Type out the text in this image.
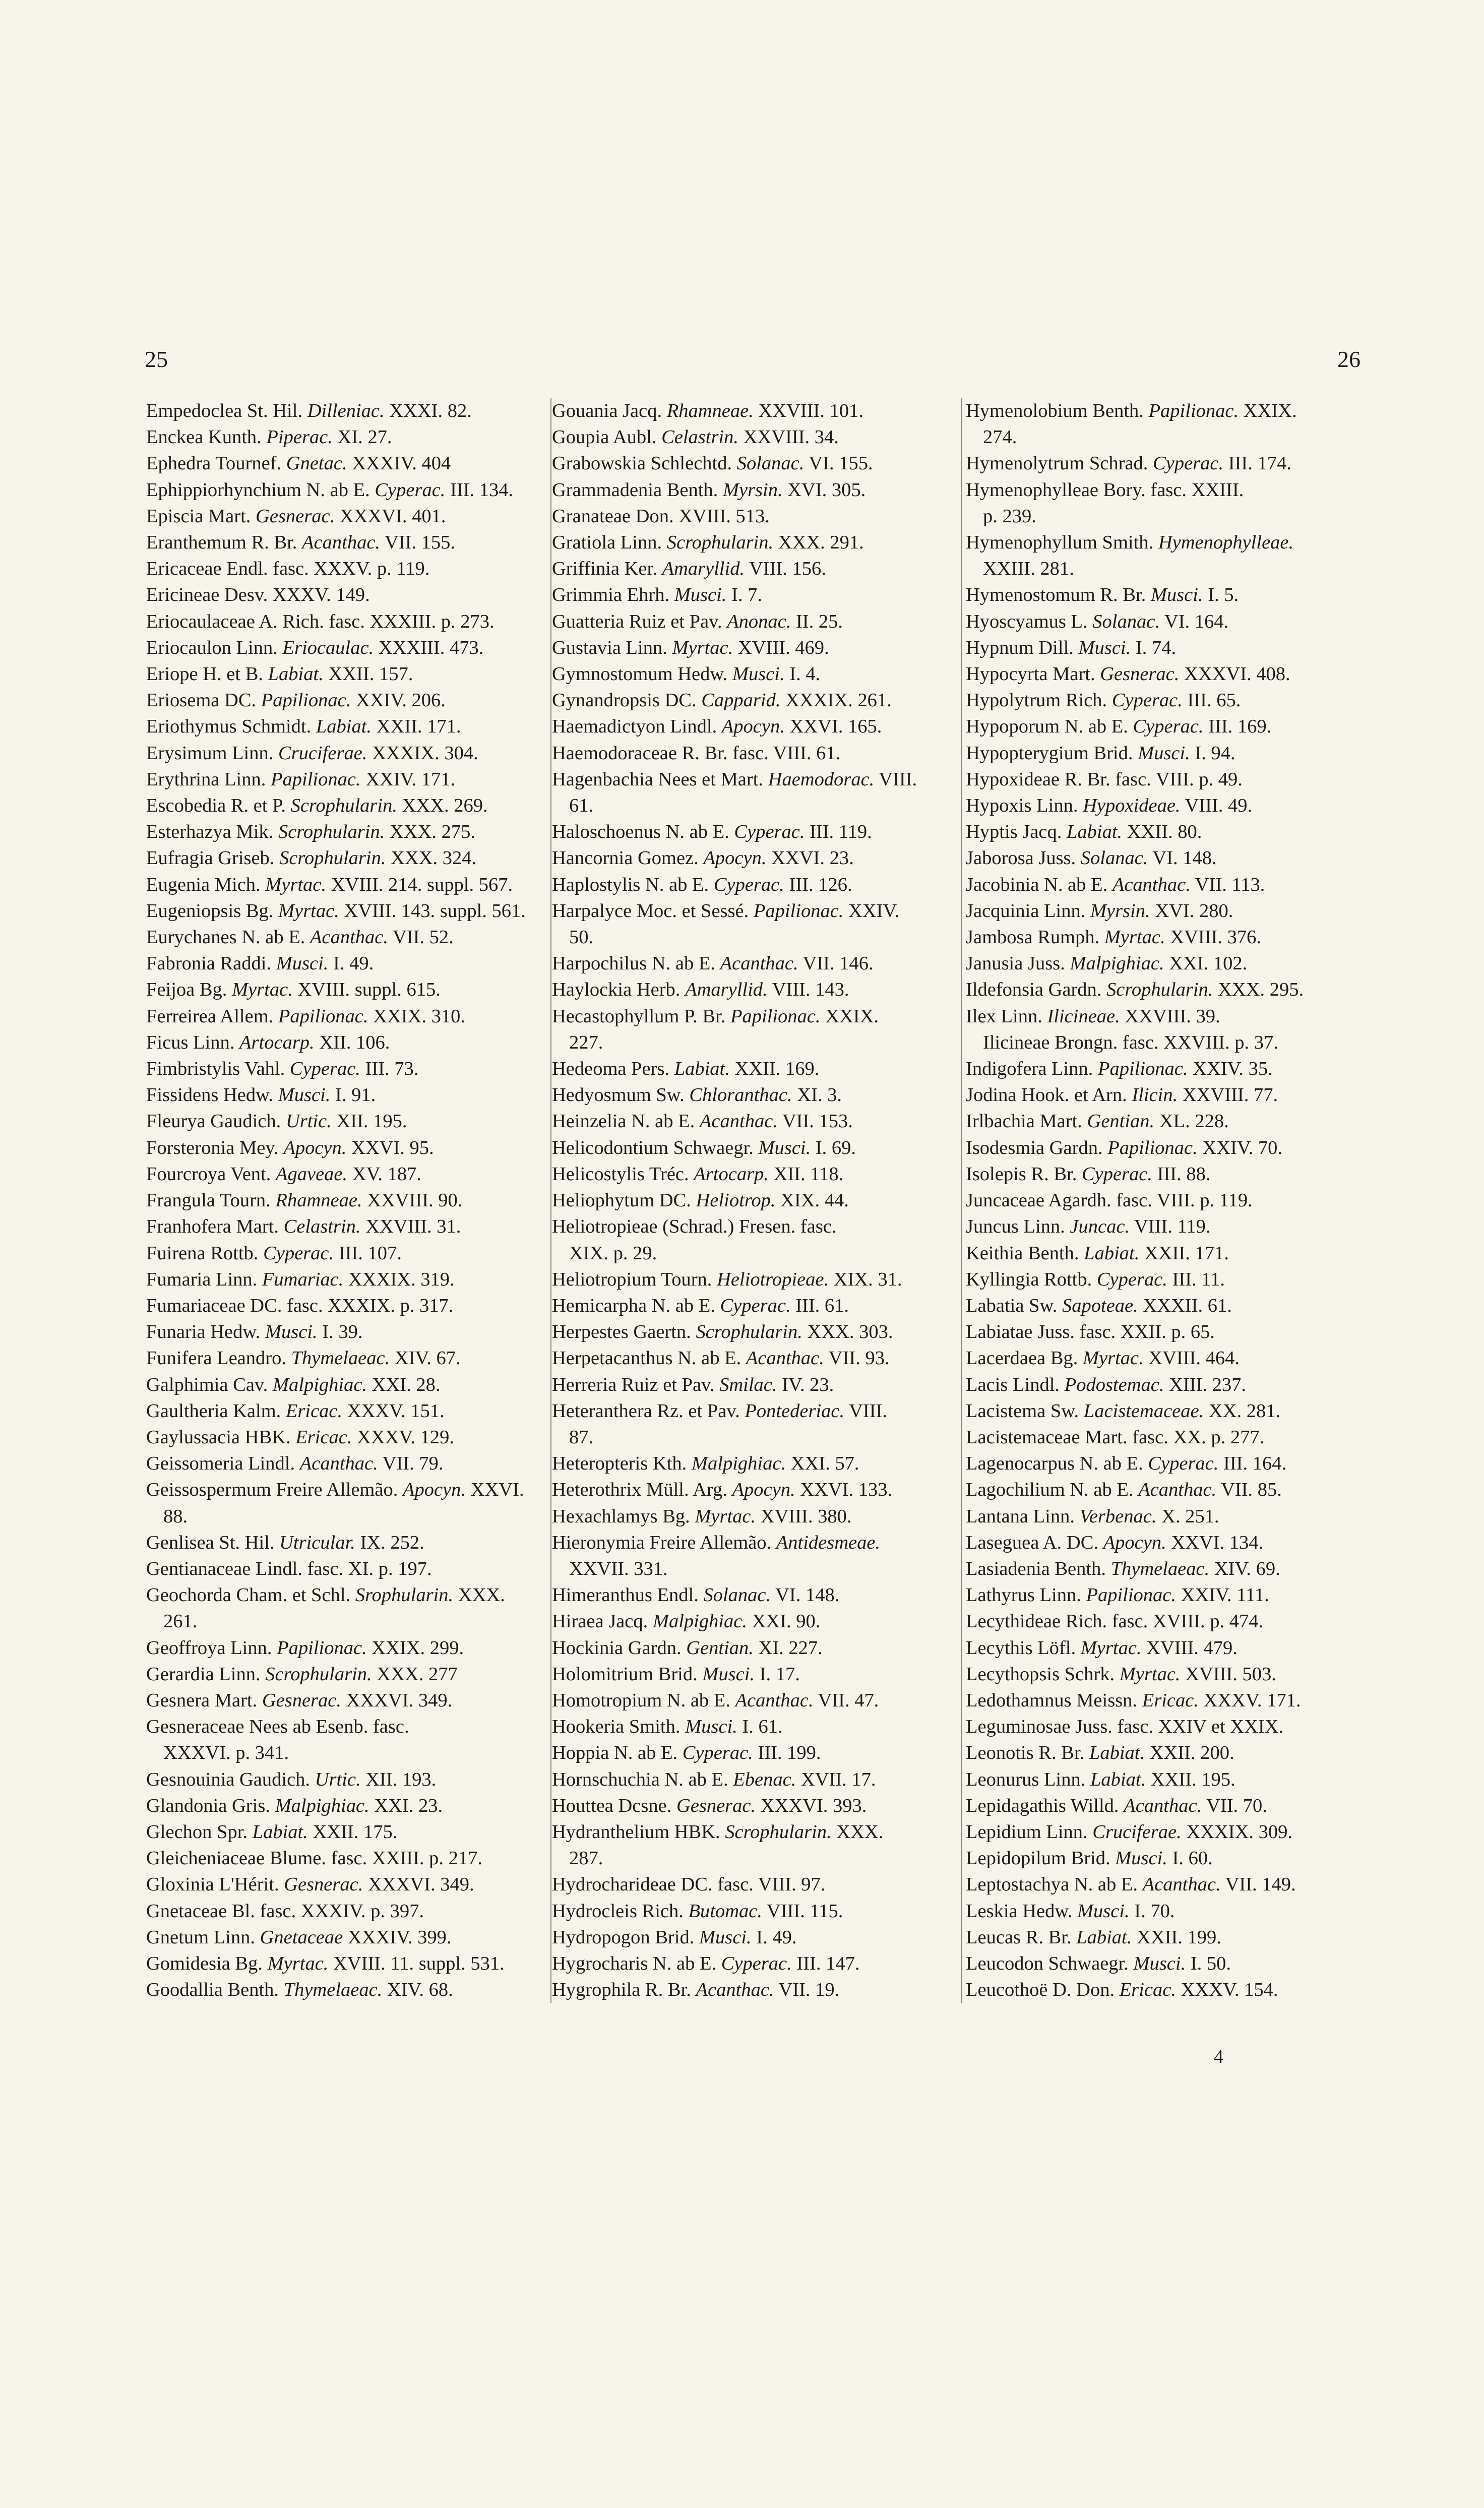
25	26

Empedoclea St. Hil. Dilleniac. XXXI. 82.

Enckea Kunth. Piperac. XI. 27.

Ephedra Tournef. Gnetac. XXXIV. 404

Ephippiorhynchium N. ab E. Cyperac. III. 134.

Episcia Mart. Gesnerac. XXXVI. 401.

Eranthemum R. Br. Acanthac. VII. 155.

Ericaceae Endl. fasc. XXXV. p. 119.

Ericineae Desv. XXXV. 149.

Eriocaulaceae A. Rich. fasc. XXXIII. p. 273.

Eriocaulon Linn. Eriocaulac. XXXIII. 473.

Eriope H. et B. Labiat. XXII. 157.

Eriosema DC. Papilionac. XXIV. 206.

Eriothymus Schmidt. Labiat. XXII. 171.

Erysimum Linn. Cruciferae. XXXIX. 304.

Erythrina Linn. Papilionac. XXIV. 171.

Escobedia R. et P. Scrophularin. XXX. 269.

Esterhazya Mik. Scrophularin. XXX. 275.

Eufragia Griseb. Scrophularin. XXX. 324.

Eugenia Mich. Myrtac. XVIII. 214. suppl. 567.

Eugeniopsis Bg. Myrtac. XVIII. 143. suppl. 561.

Eurychanes N. ab E. Acanthac. VII. 52.

Fabronia Raddi. Musci. I. 49.

Feijoa Bg. Myrtac. XVIII. suppl. 615.

Ferreirea Allem. Papilionac. XXIX. 310.

Ficus Linn. Artocarp. XII. 106.

Fimbristylis Vahl. Cyperac. III. 73.

Fissidens Hedw. Musci. I. 91.

Fleurya Gaudich. Urtic. XII. 195.

Forsteronia Mey. Apocyn. XXVI. 95.

Fourcroya Vent. Agaveae. XV. 187.

Frangula Tourn. Rhamneae. XXVIII. 90.

Franhofera Mart. Celastrin. XXVIII. 31.

Fuirena Rottb. Cyperac. III. 107.

Fumaria Linn. Fumariac. XXXIX. 319.

Fumariaceae DC. fasc. XXXIX. p. 317.

Funaria Hedw. Musci. I. 39.

Funifera Leandro. Thymelaeac. XIV. 67.

Galphimia Cav. Malpighiac. XXI. 28.

Gaultheria Kalm. Ericac. XXXV. 151.

Gaylussacia HBK. Ericac. XXXV. 129.

Geissomeria Lindl. Acanthac. VII. 79.

Geissospermum Freire Allemão. Apocyn. XXVI.

88.

Genlisea St. Hil. Utricular. IX. 252.

Gentianaceae Lindl. fasc. XI. p. 197.

Geochorda Cham. et Schl. Srophularin. XXX.

261.

Geoffroya Linn. Papilionac. XXIX. 299.

Gerardia Linn. Scrophularin. XXX. 277

Gesnera Mart. Gesnerac. XXXVI. 349.

Gesneraceae Nees ab Esenb. fasc.

XXXVI. p. 341.

Gesnouinia Gaudich. Urtic. XII. 193.

Glandonia Gris. Malpighiac. XXI. 23.

Glechon Spr. Labiat. XXII. 175.

Gleicheniaceae Blume. fasc. XXIII. p. 217.

Gloxinia L'Hérit. Gesnerac. XXXVI. 349.

Gnetaceae Bl. fasc. XXXIV. p. 397.

Gnetum Linn. Gnetaceae XXXIV. 399.

Gomidesia Bg. Myrtac. XVIII. 11. suppl. 531.

Goodallia Benth. Thymelaeac. XIV. 68.

Gouania Jacq. Rhamneae. XXVIII. 101.

Goupia Aubl. Celastrin. XXVIII. 34.

Grabowskia Schlechtd. Solanac. VI. 155.

Grammadenia Benth. Myrsin. XVI. 305.

Granateae Don. XVIII. 513.

Gratiola Linn. Scrophularin. XXX. 291.

Griffinia Ker. Amaryllid. VIII. 156.

Grimmia Ehrh. Musci. I. 7.

Guatteria Ruiz et Pav. Anonac. II. 25.

Gustavia Linn. Myrtac. XVIII. 469.

Gymnostomum Hedw. Musci. I. 4.

Gynandropsis DC. Capparid. XXXIX. 261.

Haemadictyon Lindl. Apocyn. XXVI. 165.

Haemodoraceae R. Br. fasc. VIII. 61.

Hagenbachia Nees et Mart. Haemodorac. VIII.

61.

Haloschoenus N. ab E. Cyperac. III. 119.

Hancornia Gomez. Apocyn. XXVI. 23.

Haplostylis N. ab E. Cyperac. III. 126.

Harpalyce Moc. et Sessé. Papilionac. XXIV.

50.

Harpochilus N. ab E. Acanthac. VII. 146.

Haylockia Herb. Amaryllid. VIII. 143.

Hecastophyllum P. Br. Papilionac. XXIX.

227.

Hedeoma Pers. Labiat. XXII. 169.

Hedyosmum Sw. Chloranthac. XI. 3.

Heinzelia N. ab E. Acanthac. VII. 153.

Helicodontium Schwaegr. Musci. I. 69.

Helicostylis Tréc. Artocarp. XII. 118.

Heliophytum DC. Heliotrop. XIX. 44.

Heliotropieae (Schrad.) Fresen. fasc.

XIX. p. 29.

Heliotropium Tourn. Heliotropieae. XIX. 31.

Hemicarpha N. ab E. Cyperac. III. 61.

Herpestes Gaertn. Scrophularin. XXX. 303.

Herpetacanthus N. ab E. Acanthac. VII. 93.

Herreria Ruiz et Pav. Smilac. IV. 23.

Heteranthera Rz. et Pav. Pontederiac. VIII.

87.

Heteropteris Kth. Malpighiac. XXI. 57.

Heterothrix Müll. Arg. Apocyn. XXVI. 133.

Hexachlamys Bg. Myrtac. XVIII. 380.

Hieronymia Freire Allemão. Antidesmeae.

XXVII. 331.

Himeranthus Endl. Solanac. VI. 148.

Hiraea Jacq. Malpighiac. XXI. 90.

Hockinia Gardn. Gentian. XI. 227.

Holomitrium Brid. Musci. I. 17.

Homotropium N. ab E. Acanthac. VII. 47.

Hookeria Smith. Musci. I. 61.

Hoppia N. ab E. Cyperac. III. 199.

Hornschuchia N. ab E. Ebenac. XVII. 17.

Houttea Dcsne. Gesnerac. XXXVI. 393.

Hydranthelium HBK. Scrophularin. XXX.

287.

Hydrocharideae DC. fasc. VIII. 97.

Hydrocleis Rich. Butomac. VIII. 115.

Hydropogon Brid. Musci. I. 49.

Hygrocharis N. ab E. Cyperac. III. 147.

Hygrophila R. Br. Acanthac. VII. 19.

Hymenolobium Benth. Papilionac. XXIX.

274.

Hymenolytrum Schrad. Cyperac. III. 174.

Hymenophylleae Bory. fasc. XXIII.

p. 239.

Hymenophyllum Smith. Hymenophylleae.

XXIII. 281.

Hymenostomum R. Br. Musci. I. 5.

Hyoscyamus L. Solanac. VI. 164.

Hypnum Dill. Musci. I. 74.

Hypocyrta Mart. Gesnerac. XXXVI. 408.

Hypolytrum Rich. Cyperac. III. 65.

Hypoporum N. ab E. Cyperac. III. 169.

Hypopterygium Brid. Musci. I. 94.

Hypoxideae R. Br. fasc. VIII. p. 49.

Hypoxis Linn. Hypoxideae. VIII. 49.

Hyptis Jacq. Labiat. XXII. 80.

Jaborosa Juss. Solanac. VI. 148.

Jacobinia N. ab E. Acanthac. VII. 113.

Jacquinia Linn. Myrsin. XVI. 280.

Jambosa Rumph. Myrtac. XVIII. 376.

Janusia Juss. Malpighiac. XXI. 102.

Ildefonsia Gardn. Scrophularin. XXX. 295.

Ilex Linn. Ilicineae. XXVIII. 39.

Ilicineae Brongn. fasc. XXVIII. p. 37.

Indigofera Linn. Papilionac. XXIV. 35.

Jodina Hook. et Arn. Ilicin. XXVIII. 77.

Irlbachia Mart. Gentian. XL. 228.

Isodesmia Gardn. Papilionac. XXIV. 70.

Isolepis R. Br. Cyperac. III. 88.

Juncaceae Agardh. fasc. VIII. p. 119.

Juncus Linn. Juncac. VIII. 119.

Keithia Benth. Labiat. XXII. 171.

Kyllingia Rottb. Cyperac. III. 11.

Labatia Sw. Sapoteae. XXXII. 61.

Labiatae Juss. fasc. XXII. p. 65.

Lacerdaea Bg. Myrtac. XVIII. 464.

Lacis Lindl. Podostemac. XIII. 237.

Lacistema Sw. Lacistemaceae. XX. 281.

Lacistemaceae Mart. fasc. XX. p. 277.

Lagenocarpus N. ab E. Cyperac. III. 164.

Lagochilium N. ab E. Acanthac. VII. 85.

Lantana Linn. Verbenac. X. 251.

Laseguea A. DC. Apocyn. XXVI. 134.

Lasiadenia Benth. Thymelaeac. XIV. 69.

Lathyrus Linn. Papilionac. XXIV. 111.

Lecythideae Rich. fasc. XVIII. p. 474.

Lecythis Löfl. Myrtac. XVIII. 479.

Lecythopsis Schrk. Myrtac. XVIII. 503.

Ledothamnus Meissn. Ericac. XXXV. 171.

Leguminosae Juss. fasc. XXIV et XXIX.

Leonotis R. Br. Labiat. XXII. 200.

Leonurus Linn. Labiat. XXII. 195.

Lepidagathis Willd. Acanthac. VII. 70.

Lepidium Linn. Cruciferae. XXXIX. 309.

Lepidopilum Brid. Musci. I. 60.

Leptostachya N. ab E. Acanthac. VII. 149.

Leskia Hedw. Musci. I. 70.

Leucas R. Br. Labiat. XXII. 199.

Leucodon Schwaegr. Musci. I. 50.

Leucothoë D. Don. Ericac. XXXV. 154.

4
